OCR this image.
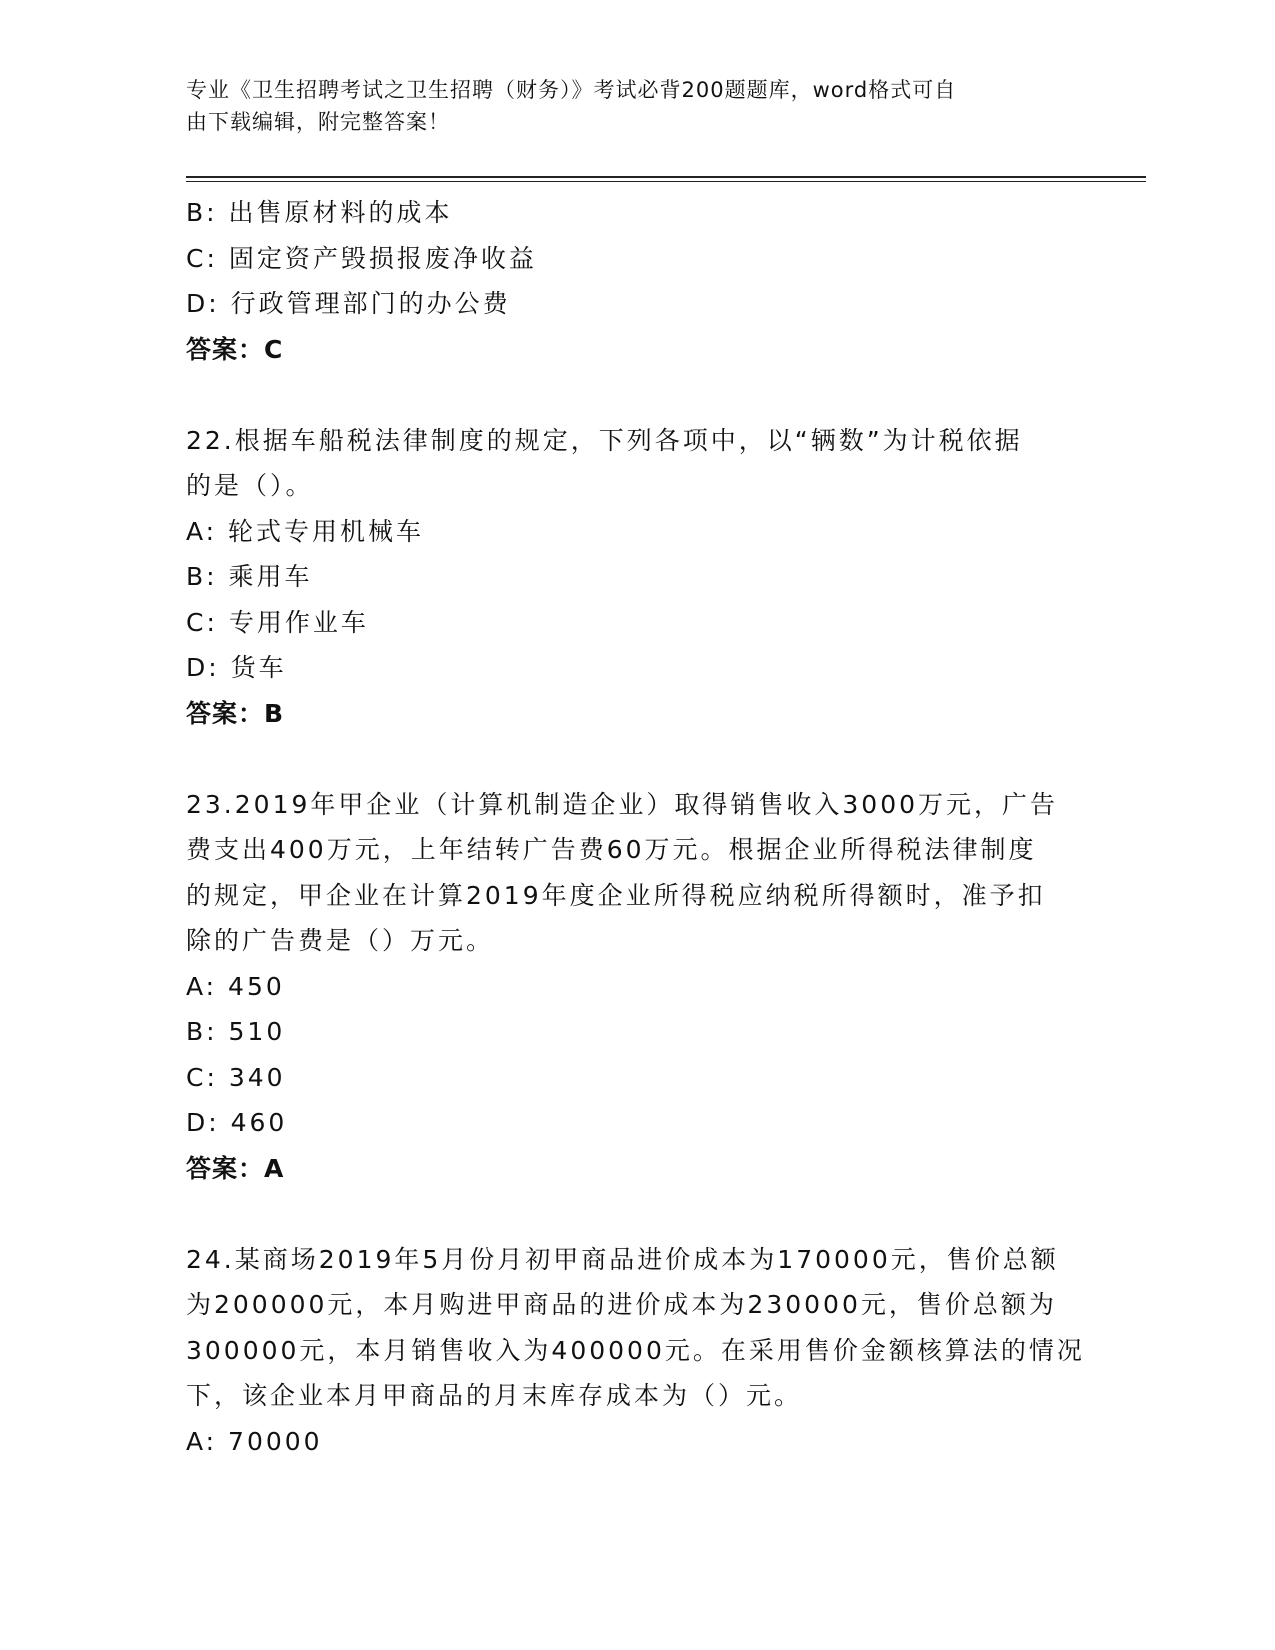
专业《卫生招聘考试之卫生招聘（财务）》考试必背200题题库，word格式可自
由下载编辑，附完整答案！
B: 出售原材料的成本
C: 固定资产毁损报废净收益
D: 行政管理部门的办公费
答案：C
22.根据车船税法律制度的规定，下列各项中，以“辆数”为计税依据
的是（）。
A: 轮式专用机械车
B: 乘用车
C: 专用作业车
D: 货车
答案：B
23.2019年甲企业（计算机制造企业）取得销售收入3000万元，广告
费支出400万元，上年结转广告费60万元。根据企业所得税法律制度
的规定，甲企业在计算2019年度企业所得税应纳税所得额时，准予扣
除的广告费是（）万元。
A: 450
B: 510
C: 340
D: 460
答案：A
24.某商场2019年5月份月初甲商品进价成本为170000元，售价总额
为200000元，本月购进甲商品的进价成本为230000元，售价总额为
300000元，本月销售收入为400000元。在采用售价金额核算法的情况
下，该企业本月甲商品的月末库存成本为（）元。
A: 70000
